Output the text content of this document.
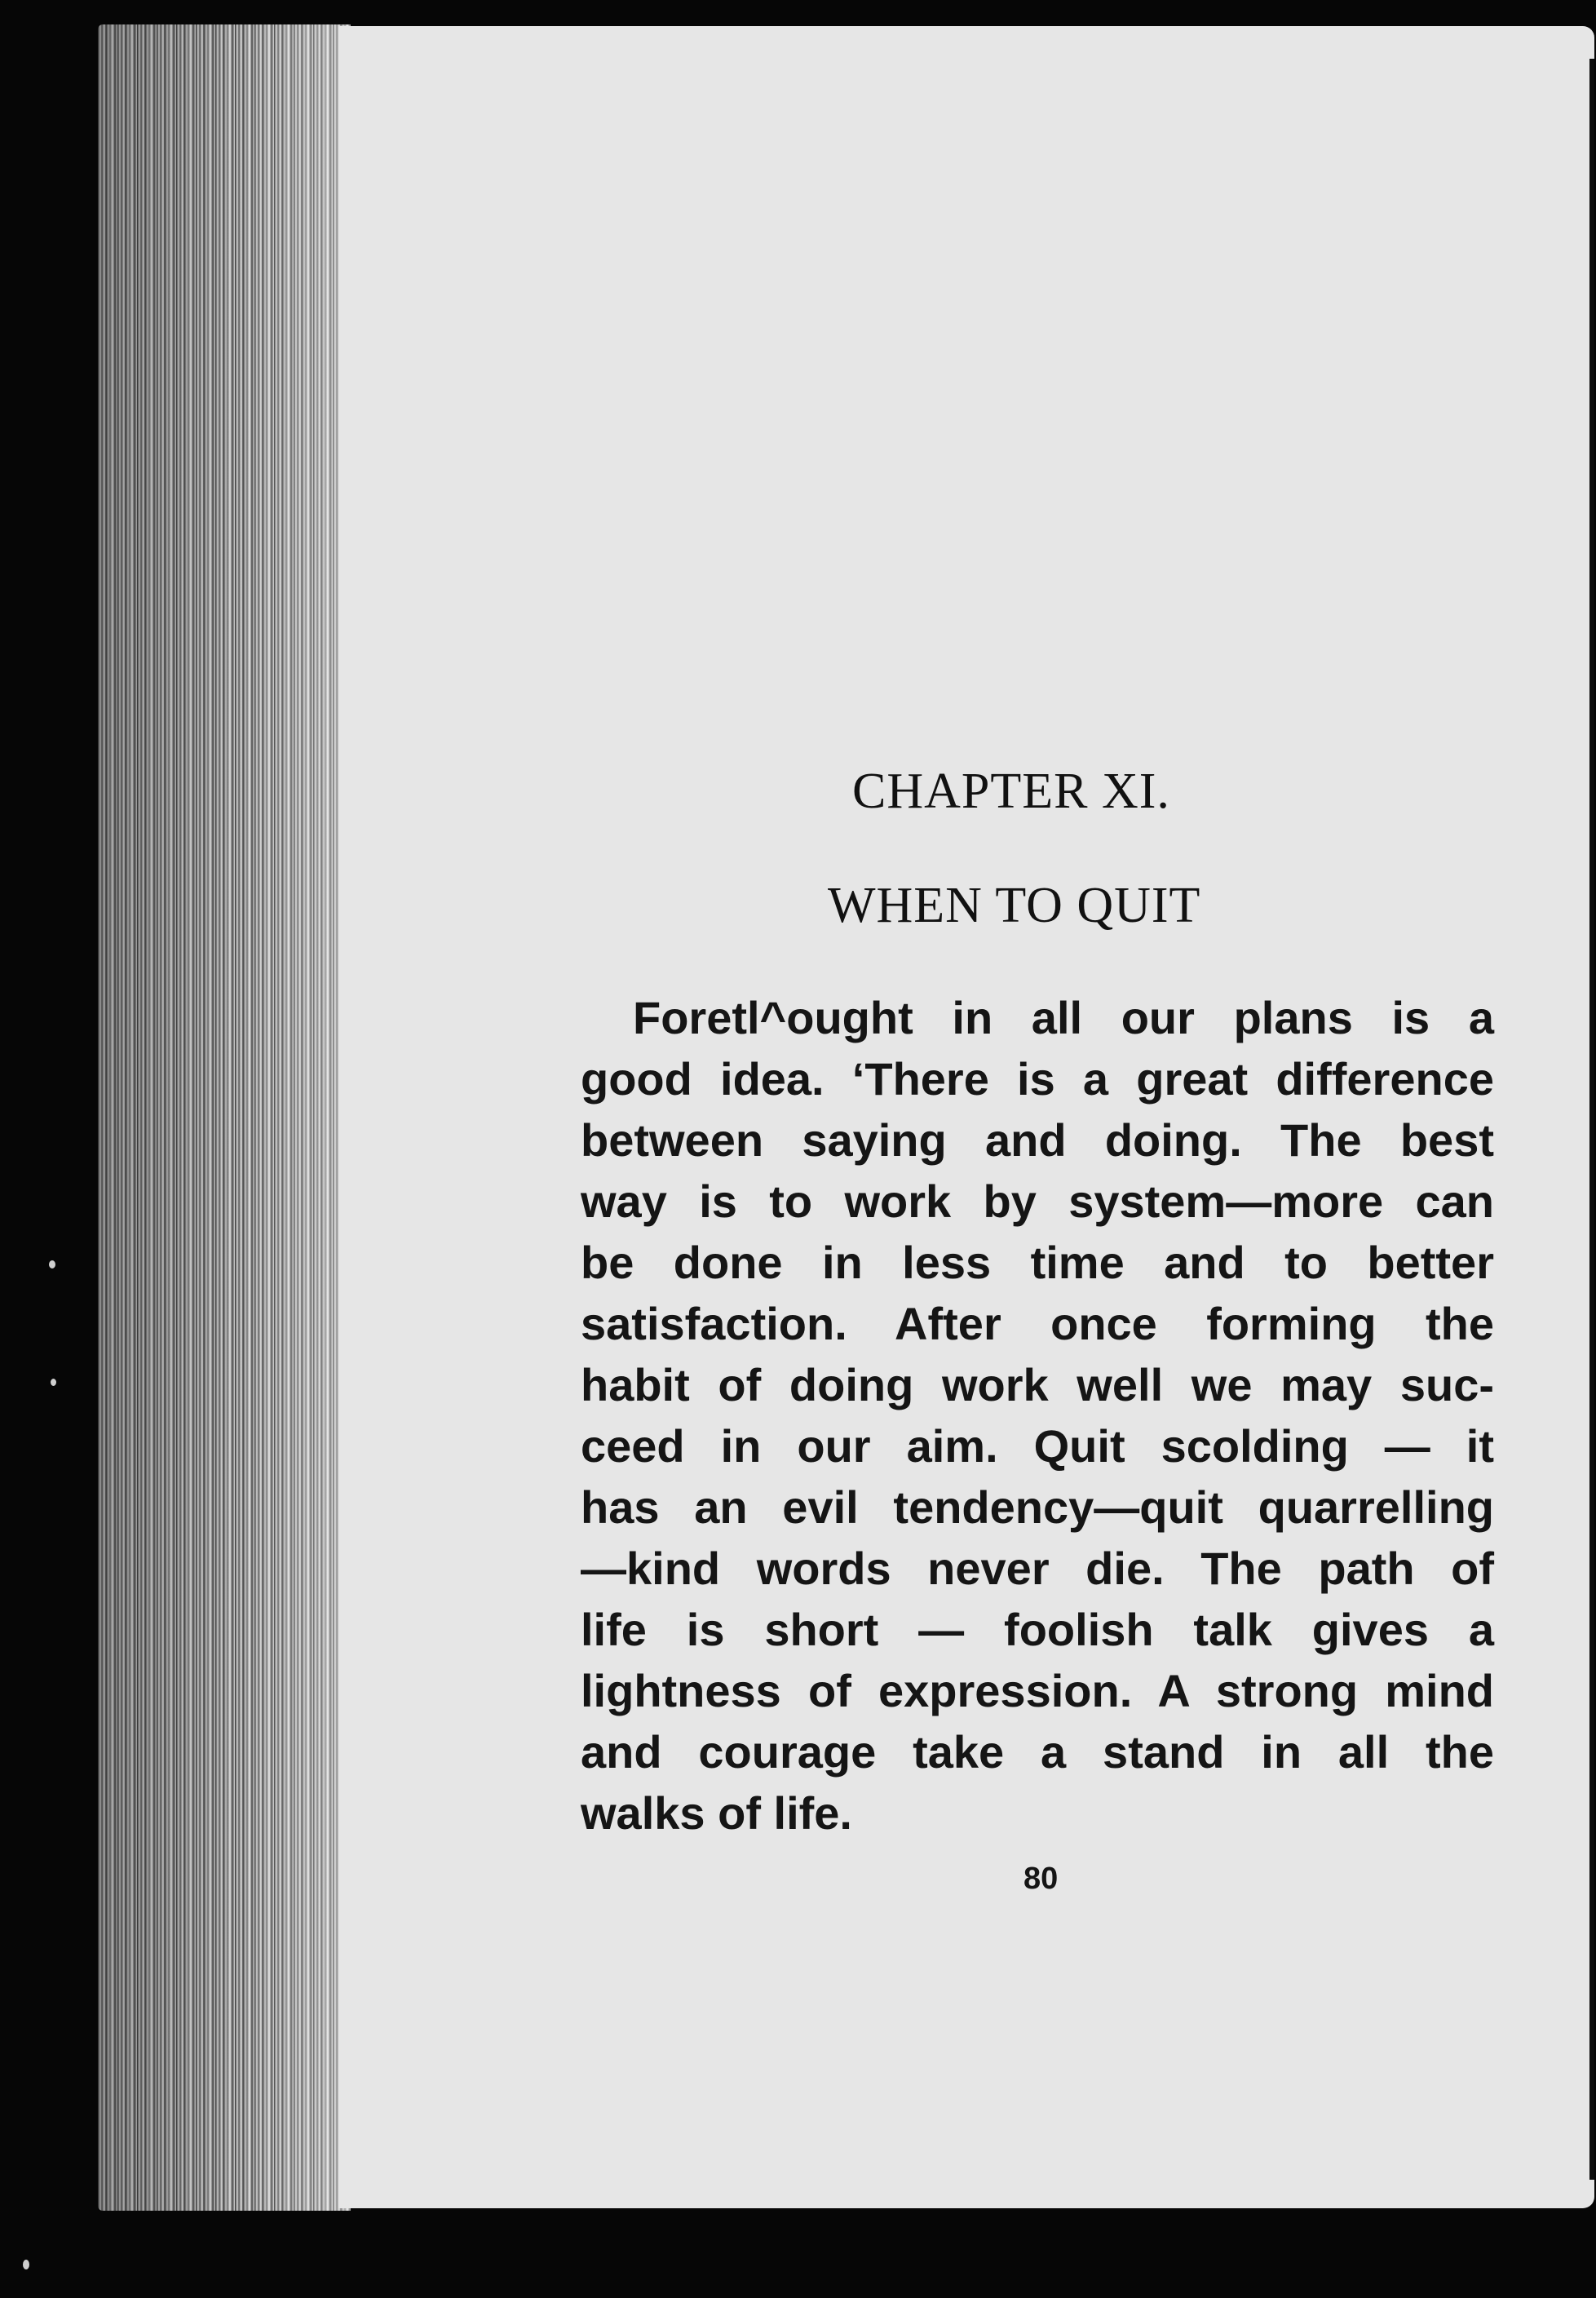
CHAPTER XI.
WHEN TO QUIT
Foretl^ought in all our plans is a
good idea. ‘There is a great difference
between saying and doing. The best
way is to work by system—more can
be done in less time and to better
satisfaction. After once forming the
habit of doing work well we may suc-
ceed in our aim. Quit scolding — it
has an evil tendency—quit quarrelling
—kind words never die. The path of
life is short — foolish talk gives a
lightness of expression. A strong mind
and courage take a stand in all the
walks of life.
80
